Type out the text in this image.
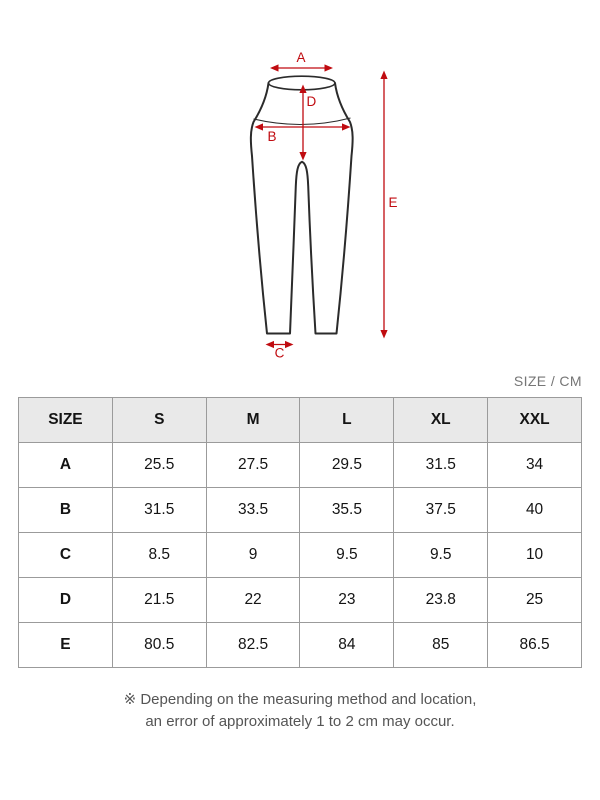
A
B
C
D
E
SIZE / CM
SIZE	S	M	L	XL	XXL
A	25.5	27.5	29.5	31.5	34
B	31.5	33.5	35.5	37.5	40
C	8.5	9	9.5	9.5	10
D	21.5	22	23	23.8	25
E	80.5	82.5	84	85	86.5
※ Depending on the measuring method and location,
an error of approximately 1 to 2 cm may occur.
